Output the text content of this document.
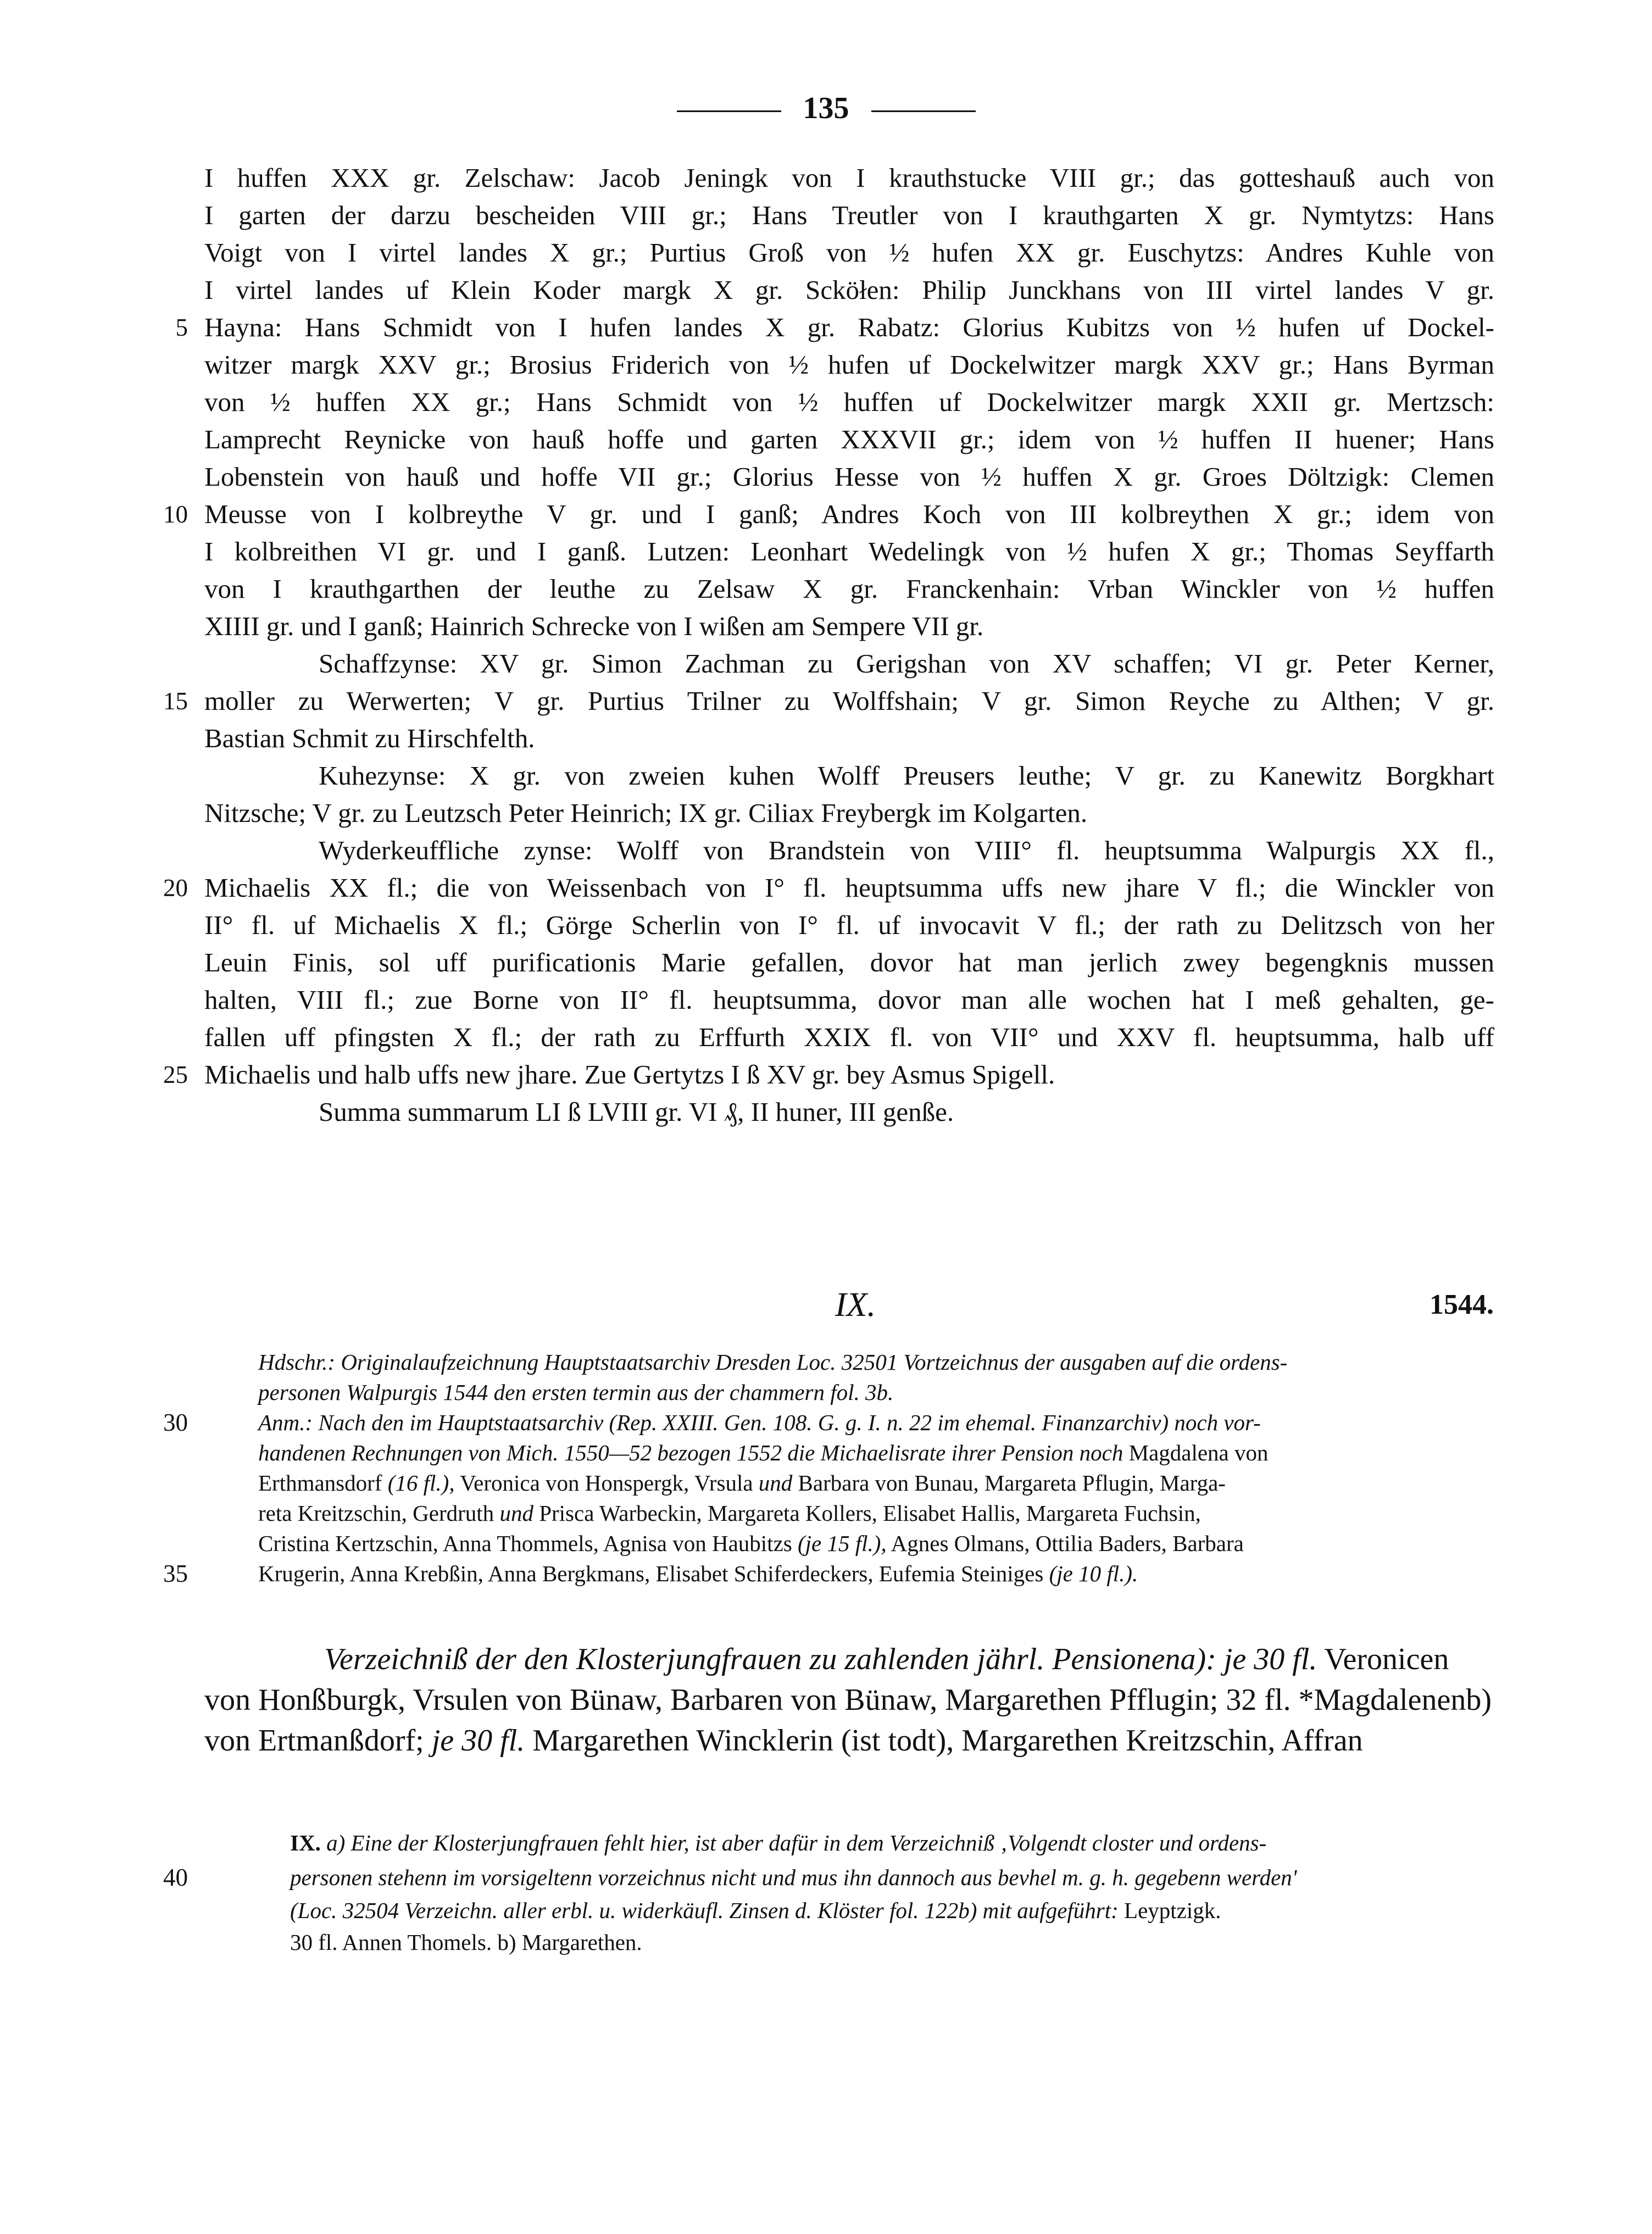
135
I huffen XXX gr. Zelschaw: Jacob Jeningk von I krauthstucke VIII gr.; das gotteshauß auch von
I garten der darzu bescheiden VIII gr.; Hans Treutler von I krauthgarten X gr. Nymtytzs: Hans
Voigt von I virtel landes X gr.; Purtius Groß von ½ hufen XX gr. Euschytzs: Andres Kuhle von
I virtel landes uf Klein Koder margk X gr. Scköłen: Philip Junckhans von III virtel landes V gr.
5 Hayna: Hans Schmidt von I hufen landes X gr. Rabatz: Glorius Kubitzs von ½ hufen uf Dockel-
witzer margk XXV gr.; Brosius Friderich von ½ hufen uf Dockelwitzer margk XXV gr.; Hans Byrman
von ½ huffen XX gr.; Hans Schmidt von ½ huffen uf Dockelwitzer margk XXII gr. Mertzsch:
Lamprecht Reynicke von hauß hoffe und garten XXXVII gr.; idem von ½ huffen II huener; Hans
Lobenstein von hauß und hoffe VII gr.; Glorius Hesse von ½ huffen X gr. Groes Döltzigk: Clemen
10 Meusse von I kolbreythe V gr. und I ganß; Andres Koch von III kolbreythen X gr.; idem von
I kolbreithen VI gr. und I ganß. Lutzen: Leonhart Wedelingk von ½ hufen X gr.; Thomas Seyffarth
von I krauthgarthen der leuthe zu Zelsaw X gr. Franckenhain: Vrban Winckler von ½ huffen
XIIII gr. und I ganß; Hainrich Schrecke von I wißen am Sempere VII gr.
Schaffzynse: XV gr. Simon Zachman zu Gerigshan von XV schaffen; VI gr. Peter Kerner,
15 moller zu Werwerten; V gr. Purtius Trilner zu Wolffshain; V gr. Simon Reyche zu Althen; V gr.
Bastian Schmit zu Hirschfelth.
Kuhezynse: X gr. von zweien kuhen Wolff Preusers leuthe; V gr. zu Kanewitz Borgkhart
Nitzsche; V gr. zu Leutzsch Peter Heinrich; IX gr. Ciliax Freybergk im Kolgarten.
Wyderkeuffliche zynse: Wolff von Brandstein von VIII° fl. heuptsumma Walpurgis XX fl.,
20 Michaelis XX fl.; die von Weissenbach von I° fl. heuptsumma uffs new jhare V fl.; die Winckler von
II° fl. uf Michaelis X fl.; Görge Scherlin von I° fl. uf invocavit V fl.; der rath zu Delitzsch von her
Leuin Finis, sol uff purificationis Marie gefallen, dovor hat man jerlich zwey begengknis mussen
halten, VIII fl.; zue Borne von II° fl. heuptsumma, dovor man alle wochen hat I meß gehalten, ge-
fallen uff pfingsten X fl.; der rath zu Erffurth XXIX fl. von VII° und XXV fl. heuptsumma, halb uff
25 Michaelis und halb uffs new jhare. Zue Gertytzs I ß XV gr. bey Asmus Spigell.
Summa summarum LI ß LVIII gr. VI ₰, II huner, III genße.
IX.	1544.
Hdschr.: Originalaufzeichnung Hauptstaatsarchiv Dresden Loc. 32501 Vortzeichnus der ausgaben auf die ordens-
personen Walpurgis 1544 den ersten termin aus der chammern fol. 3b.
30	Anm.: Nach den im Hauptstaatsarchiv (Rep. XXIII. Gen. 108. G. g. I. n. 22 im ehemal. Finanzarchiv) noch vor-
handenen Rechnungen von Mich. 1550—52 bezogen 1552 die Michaelisrate ihrer Pension noch Magdalena von
Erthmansdorf (16 fl.), Veronica von Honspergk, Vrsula und Barbara von Bunau, Margareta Pflugin, Marga-
reta Kreitzschin, Gerdruth und Prisca Warbeckin, Margareta Kollers, Elisabet Hallis, Margareta Fuchsin,
Cristina Kertzschin, Anna Thommels, Agnisa von Haubitzs (je 15 fl.), Agnes Olmans, Ottilia Baders, Barbara
35	Krugerin, Anna Krebßin, Anna Bergkmans, Elisabet Schiferdeckers, Eufemia Steiniges (je 10 fl.).
Verzeichniß der den Klosterjungfrauen zu zahlenden jährl. Pensionena): je 30 fl. Veronicen
von Honßburgk, Vrsulen von Bünaw, Barbaren von Bünaw, Margarethen Pfflugin; 32 fl. *Magdalenenb)
von Ertmanßdorf; je 30 fl. Margarethen Wincklerin (ist todt), Margarethen Kreitzschin, Affran
IX. a) Eine der Klosterjungfrauen fehlt hier, ist aber dafür in dem Verzeichniß ‚Volgendt closter und ordens-
40	personen stehenn im vorsigeltenn vorzeichnus nicht und mus ihn dannoch aus bevhel m. g. h. gegebenn werden'
(Loc. 32504 Verzeichn. aller erbl. u. widerkäufl. Zinsen d. Klöster fol. 122b) mit aufgeführt: Leyptzigk.
30 fl. Annen Thomels. b) Margarethen.
